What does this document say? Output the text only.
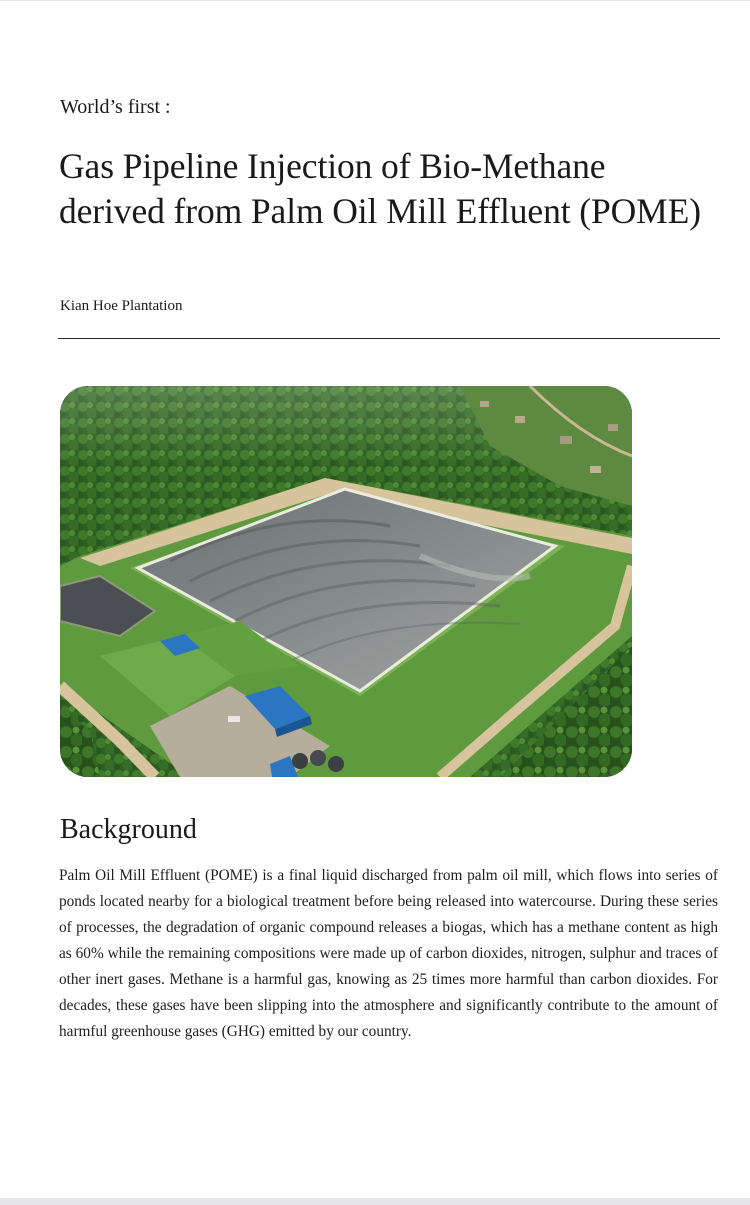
World’s first :

Gas Pipeline Injection of Bio-Methane derived from Palm Oil Mill Effluent (POME)

Kian Hoe Plantation

Background

Palm Oil Mill Effluent (POME) is a final liquid discharged from palm oil mill, which flows into series of ponds located nearby for a biological treatment before being released into watercourse. During these series of processes, the degradation of organic compound releases a biogas, which has a methane content as high as 60% while the remaining compositions were made up of carbon dioxides, nitrogen, sulphur and traces of other inert gases. Methane is a harmful gas, knowing as 25 times more harmful than carbon dioxides. For decades, these gases have been slipping into the atmosphere and significantly contribute to the amount of harmful greenhouse gases (GHG) emitted by our country.
